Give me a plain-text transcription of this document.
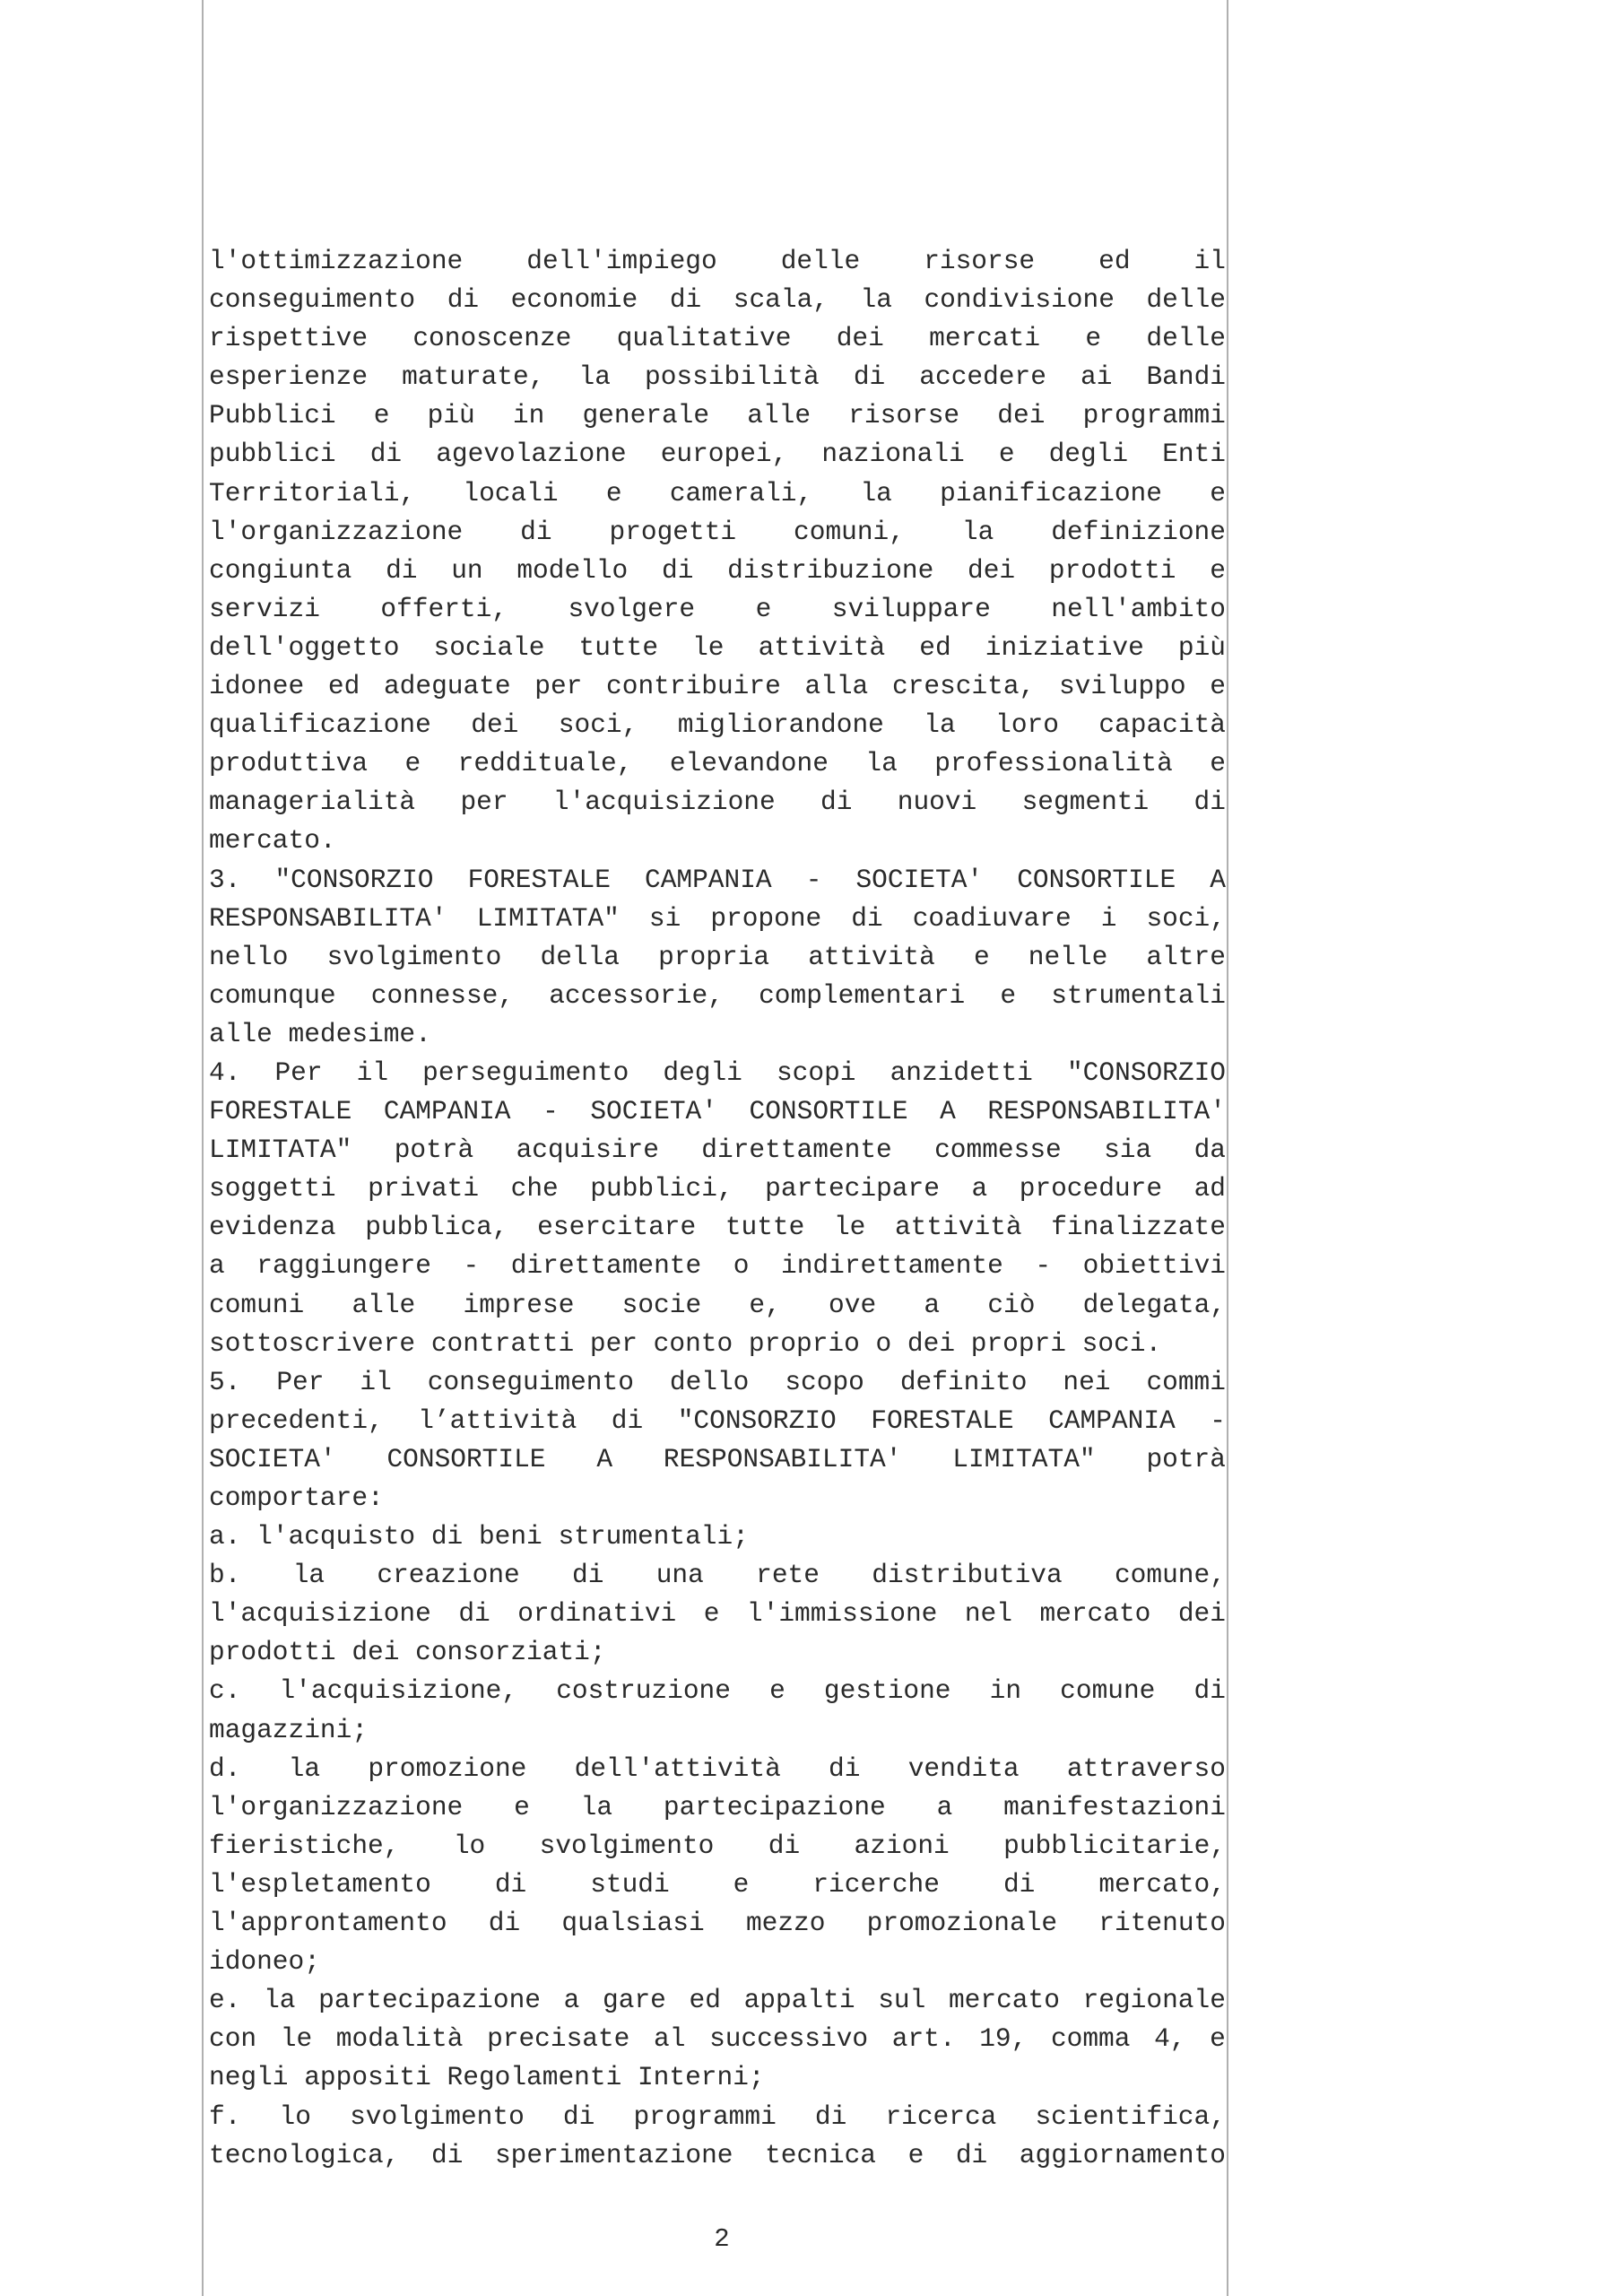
l'ottimizzazione dell'impiego delle risorse ed il
conseguimento di economie di scala, la condivisione delle
rispettive conoscenze qualitative dei mercati e delle
esperienze maturate, la possibilità di accedere ai Bandi
Pubblici e più in generale alle risorse dei programmi
pubblici di agevolazione europei, nazionali e degli Enti
Territoriali, locali e camerali, la pianificazione e
l'organizzazione di progetti comuni, la definizione
congiunta di un modello di distribuzione dei prodotti e
servizi offerti, svolgere e sviluppare nell'ambito
dell'oggetto sociale tutte le attività ed iniziative più
idonee ed adeguate per contribuire alla crescita, sviluppo e
qualificazione dei soci, migliorandone la loro capacità
produttiva e reddituale, elevandone la professionalità e
managerialità per l'acquisizione di nuovi segmenti di
mercato.
3. "CONSORZIO FORESTALE CAMPANIA - SOCIETA' CONSORTILE A
RESPONSABILITA' LIMITATA" si propone di coadiuvare i soci,
nello svolgimento della propria attività e nelle altre
comunque connesse, accessorie, complementari e strumentali
alle medesime.
4. Per il perseguimento degli scopi anzidetti "CONSORZIO
FORESTALE CAMPANIA - SOCIETA' CONSORTILE A RESPONSABILITA'
LIMITATA" potrà acquisire direttamente commesse sia da
soggetti privati che pubblici, partecipare a procedure ad
evidenza pubblica, esercitare tutte le attività finalizzate
a raggiungere - direttamente o indirettamente - obiettivi
comuni alle imprese socie e, ove a ciò delegata,
sottoscrivere contratti per conto proprio o dei propri soci.
5. Per il conseguimento dello scopo definito nei commi
precedenti, l’attività di "CONSORZIO FORESTALE CAMPANIA -
SOCIETA' CONSORTILE A RESPONSABILITA' LIMITATA" potrà
comportare:
a. l'acquisto di beni strumentali;
b. la creazione di una rete distributiva comune,
l'acquisizione di ordinativi e l'immissione nel mercato dei
prodotti dei consorziati;
c. l'acquisizione, costruzione e gestione in comune di
magazzini;
d. la promozione dell'attività di vendita attraverso
l'organizzazione e la partecipazione a manifestazioni
fieristiche, lo svolgimento di azioni pubblicitarie,
l'espletamento di studi e ricerche di mercato,
l'approntamento di qualsiasi mezzo promozionale ritenuto
idoneo;
e. la partecipazione a gare ed appalti sul mercato regionale
con le modalità precisate al successivo art. 19, comma 4, e
negli appositi Regolamenti Interni;
f. lo svolgimento di programmi di ricerca scientifica,
tecnologica, di sperimentazione tecnica e di aggiornamento
2
